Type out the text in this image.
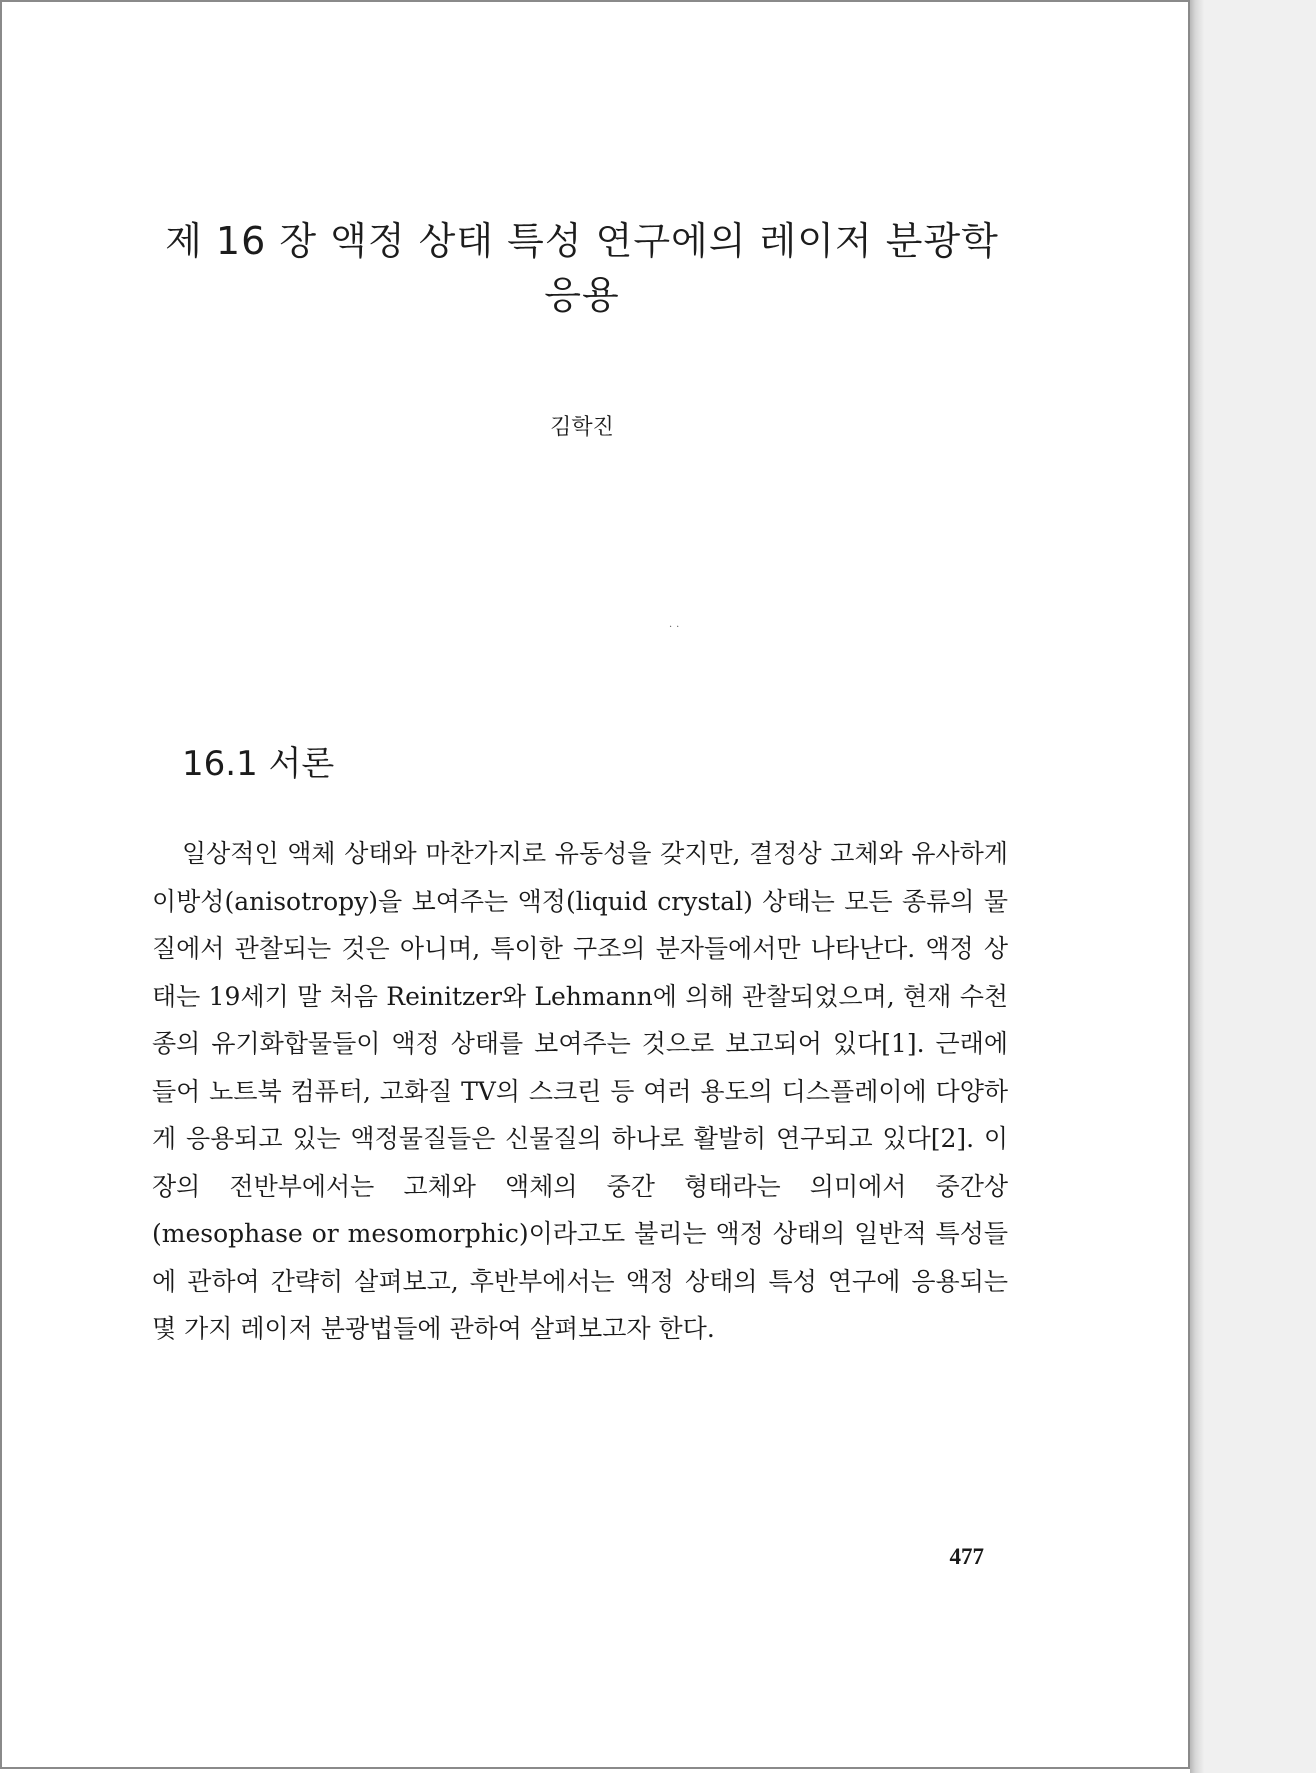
제 16 장 액정 상태 특성 연구에의 레이저 분광학 응용
김학진
··
16.1 서론

일상적인 액체 상태와 마찬가지로 유동성을 갖지만, 결정상 고체와 유사하게 이방성(anisotropy)을 보여주는 액정(liquid crystal) 상태는 모든 종류의 물질에서 관찰되는 것은 아니며, 특이한 구조의 분자들에서만 나타난다. 액정 상태는 19세기 말 처음 Reinitzer와 Lehmann에 의해 관찰되었으며, 현재 수천 종의 유기화합물들이 액정 상태를 보여주는 것으로 보고되어 있다[1]. 근래에 들어 노트북 컴퓨터, 고화질 TV의 스크린 등 여러 용도의 디스플레이에 다양하게 응용되고 있는 액정물질들은 신물질의 하나로 활발히 연구되고 있다[2]. 이 장의 전반부에서는 고체와 액체의 중간 형태라는 의미에서 중간상(mesophase or mesomorphic)이라고도 불리는 액정 상태의 일반적 특성들에 관하여 간략히 살펴보고, 후반부에서는 액정 상태의 특성 연구에 응용되는 몇 가지 레이저 분광법들에 관하여 살펴보고자 한다.

477
